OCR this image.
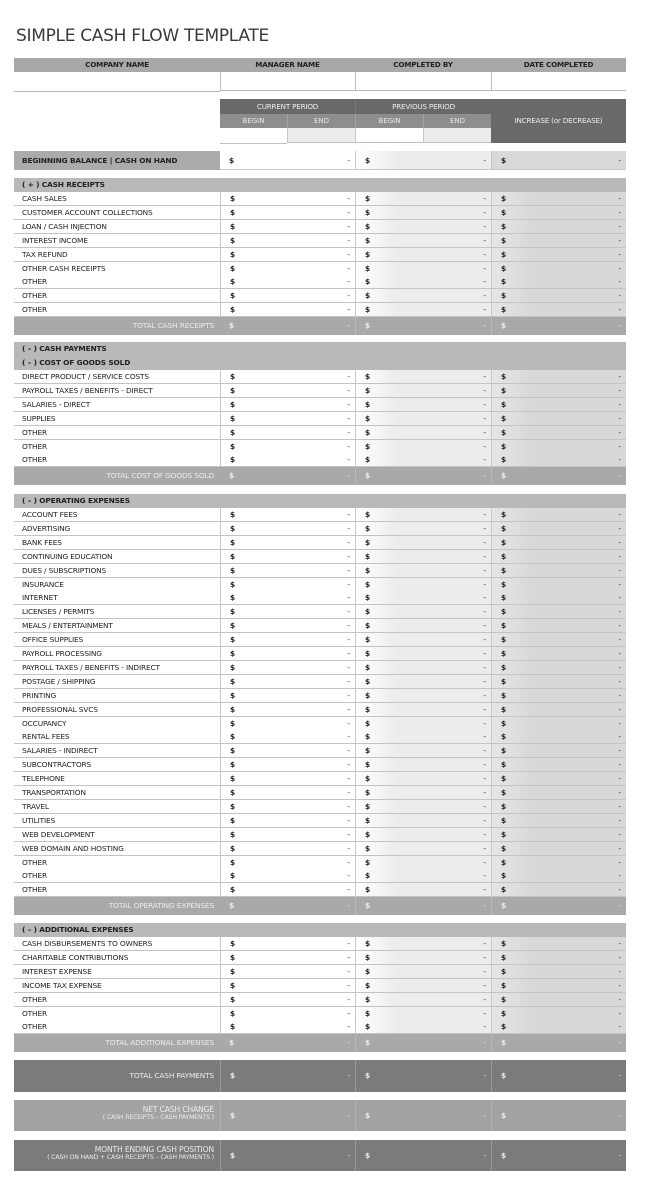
SIMPLE CASH FLOW TEMPLATE
COMPANY NAME	MANAGER NAME	COMPLETED BY	DATE COMPLETED
CURRENT PERIOD	PREVIOUS PERIOD
BEGIN	END	BEGIN	END	INCREASE (or DECREASE)
BEGINNING BALANCE | CASH ON HAND	$	- $	- $	-
( + ) CASH RECEIPTS
CASH SALES	$	- $	- $	-
CUSTOMER ACCOUNT COLLECTIONS	$	- $	- $	-
LOAN / CASH INJECTION	$	- $	- $	-
INTEREST INCOME	$	- $	- $	-
TAX REFUND	$	- $	- $	-
OTHER CASH RECEIPTS	$	- $	- $	-
OTHER	$	- $	- $	-
OTHER	$	- $	- $	-
OTHER	$	- $	- $	-
TOTAL CASH RECEIPTS	$	- $	- $	-
( – ) CASH PAYMENTS
( – ) COST OF GOODS SOLD
DIRECT PRODUCT / SERVICE COSTS	$	- $	- $	-
PAYROLL TAXES / BENEFITS - DIRECT	$	- $	- $	-
SALARIES - DIRECT	$	- $	- $	-
SUPPLIES	$	- $	- $	-
OTHER	$	- $	- $	-
OTHER	$	- $	- $	-
OTHER	$	- $	- $	-
TOTAL COST OF GOODS SOLD	$	- $	- $	-
( – ) OPERATING EXPENSES
ACCOUNT FEES	$	- $	- $	-
ADVERTISING	$	- $	- $	-
BANK FEES	$	- $	- $	-
CONTINUING EDUCATION	$	- $	- $	-
DUES / SUBSCRIPTIONS	$	- $	- $	-
INSURANCE	$	- $	- $	-
INTERNET	$	- $	- $	-
LICENSES / PERMITS	$	- $	- $	-
MEALS / ENTERTAINMENT	$	- $	- $	-
OFFICE SUPPLIES	$	- $	- $	-
PAYROLL PROCESSING	$	- $	- $	-
PAYROLL TAXES / BENEFITS - INDIRECT	$	- $	- $	-
POSTAGE / SHIPPING	$	- $	- $	-
PRINTING	$	- $	- $	-
PROFESSIONAL SVCS	$	- $	- $	-
OCCUPANCY	$	- $	- $	-
RENTAL FEES	$	- $	- $	-
SALARIES - INDIRECT	$	- $	- $	-
SUBCONTRACTORS	$	- $	- $	-
TELEPHONE	$	- $	- $	-
TRANSPORTATION	$	- $	- $	-
TRAVEL	$	- $	- $	-
UTILITIES	$	- $	- $	-
WEB DEVELOPMENT	$	- $	- $	-
WEB DOMAIN AND HOSTING	$	- $	- $	-
OTHER	$	- $	- $	-
OTHER	$	- $	- $	-
OTHER	$	- $	- $	-
TOTAL OPERATING EXPENSES	$	- $	- $	-
( – ) ADDITIONAL EXPENSES
CASH DISBURSEMENTS TO OWNERS	$	- $	- $	-
CHARITABLE CONTRIBUTIONS	$	- $	- $	-
INTEREST EXPENSE	$	- $	- $	-
INCOME TAX EXPENSE	$	- $	- $	-
OTHER	$	- $	- $	-
OTHER	$	- $	- $	-
OTHER	$	- $	- $	-
TOTAL ADDITIONAL EXPENSES	$	- $	- $	-
TOTAL CASH PAYMENTS	$	- $	- $	-
NET CASH CHANGE
( CASH RECEIPTS – CASH PAYMENTS ) $	- $	- $	-
MONTH ENDING CASH POSITION
( CASH ON HAND + CASH RECEIPTS – CASH PAYMENTS ) $	- $	- $	-
